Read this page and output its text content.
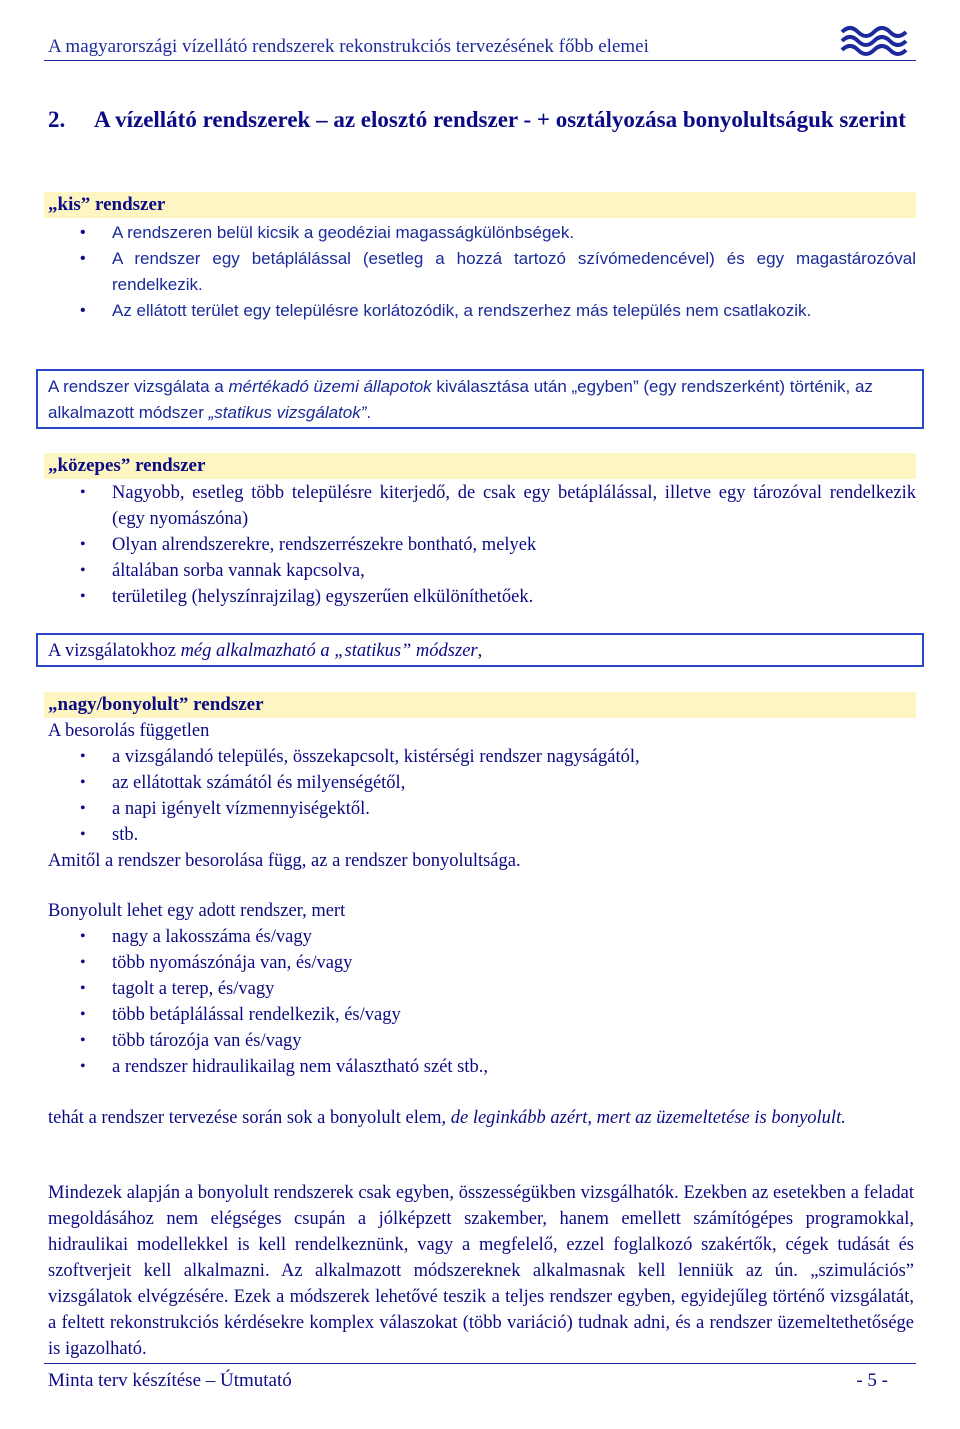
A magyarországi vízellátó rendszerek rekonstrukciós tervezésének főbb elemei
2. A vízellátó rendszerek – az elosztó rendszer - + osztályozása bonyolultságuk szerint
„kis” rendszer
• A rendszeren belül kicsik a geodéziai magasságkülönbségek.
• A rendszer egy betáplálással (esetleg a hozzá tartozó szívómedencével) és egy magastározóval rendelkezik.
• Az ellátott terület egy településre korlátozódik, a rendszerhez más település nem csatlakozik.
A rendszer vizsgálata a mértékadó üzemi állapotok kiválasztása után „egyben” (egy rendszerként) történik, az alkalmazott módszer „statikus vizsgálatok”.
„közepes” rendszer
• Nagyobb, esetleg több településre kiterjedő, de csak egy betáplálással, illetve egy tározóval rendelkezik (egy nyomászóna)
• Olyan alrendszerekre, rendszerrészekre bontható, melyek
• általában sorba vannak kapcsolva,
• területileg (helyszínrajzilag) egyszerűen elkülöníthetőek.
A vizsgálatokhoz még alkalmazható a „statikus” módszer,
„nagy/bonyolult” rendszer
A besorolás független
• a vizsgálandó település, összekapcsolt, kistérségi rendszer nagyságától,
• az ellátottak számától és milyenségétől,
• a napi igényelt vízmennyiségektől.
• stb.
Amitől a rendszer besorolása függ, az a rendszer bonyolultsága.
Bonyolult lehet egy adott rendszer, mert
• nagy a lakosszáma és/vagy
• több nyomászónája van, és/vagy
• tagolt a terep, és/vagy
• több betáplálással rendelkezik, és/vagy
• több tározója van és/vagy
• a rendszer hidraulikailag nem választható szét stb.,
tehát a rendszer tervezése során sok a bonyolult elem, de leginkább azért, mert az üzemeltetése is bonyolult.
Mindezek alapján a bonyolult rendszerek csak egyben, összességükben vizsgálhatók. Ezekben az esetekben a feladat megoldásához nem elégséges csupán a jólképzett szakember, hanem emellett számítógépes programokkal, hidraulikai modellekkel is kell rendelkeznünk, vagy a megfelelő, ezzel foglalkozó szakértők, cégek tudását és szoftverjeit kell alkalmazni. Az alkalmazott módszereknek alkalmasnak kell lenniük az ún. „szimulációs” vizsgálatok elvégzésére. Ezek a módszerek lehetővé teszik a teljes rendszer egyben, egyidejűleg történő vizsgálatát, a feltett rekonstrukciós kérdésekre komplex válaszokat (több variáció) tudnak adni, és a rendszer üzemeltethetősége is igazolható.
Minta terv készítése – Útmutató	- 5 -
